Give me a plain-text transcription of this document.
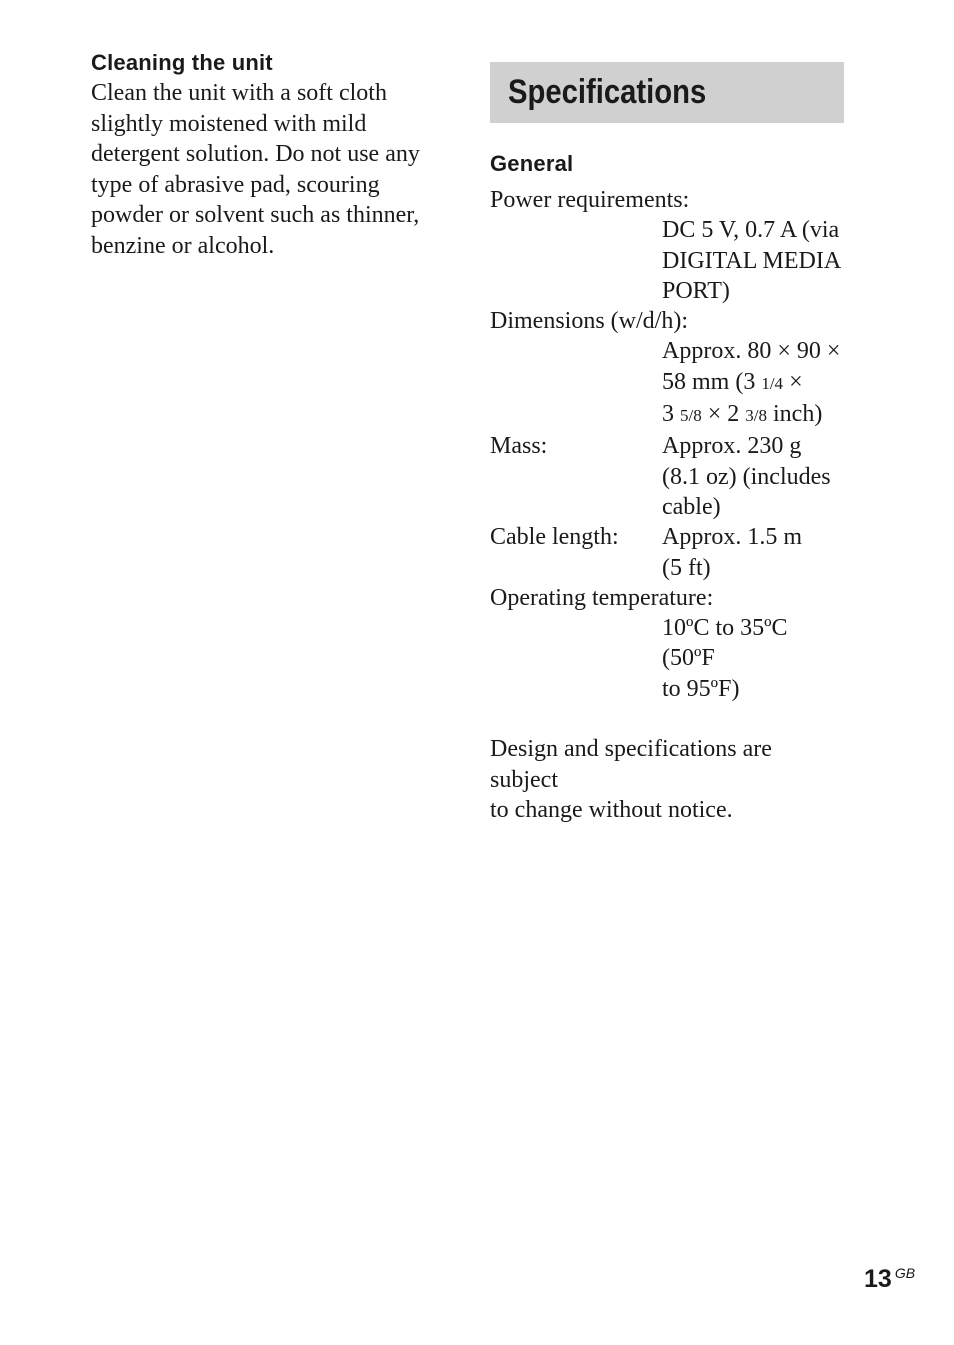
Cleaning the unit
Clean the unit with a soft cloth
slightly moistened with mild
detergent solution. Do not use any
type of abrasive pad, scouring
powder or solvent such as thinner,
benzine or alcohol.
Specifications
General
Power requirements:
DC 5 V, 0.7 A (via
DIGITAL MEDIA
PORT)
Dimensions (w/d/h):
Approx. 80 × 90 ×
58 mm (3 1/4 ×
3 5/8 × 2 3/8 inch)
Mass:	Approx. 230 g
(8.1 oz) (includes
cable)
Cable length:	Approx. 1.5 m
(5 ft)
Operating temperature:
10ºC to 35ºC (50ºF
to 95ºF)
Design and specifications are subject
to change without notice.
13 $^{GB}$
